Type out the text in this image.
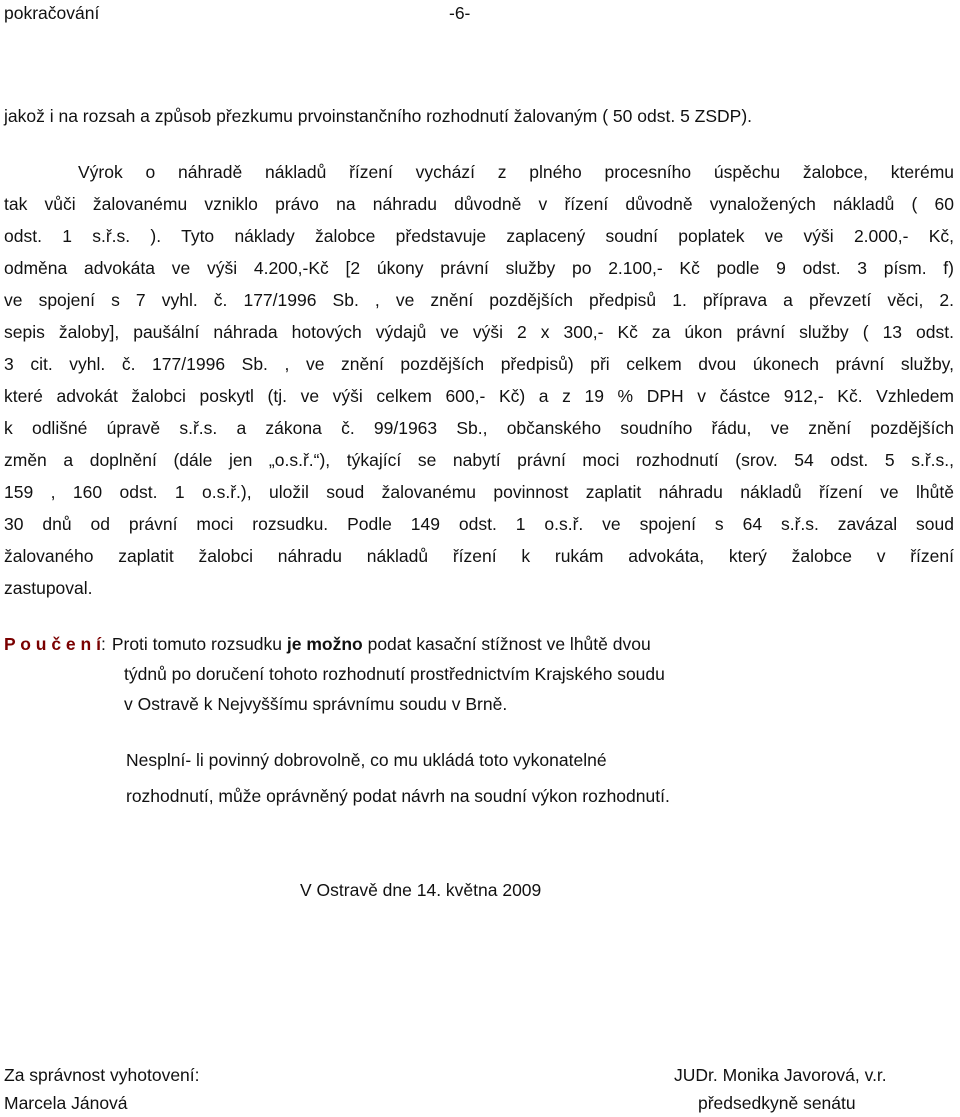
pokračování	-6-
jakož i na rozsah a způsob přezkumu prvoinstančního rozhodnutí žalovaným ( 50 odst. 5 ZSDP).
Výrok o náhradě nákladů řízení vychází z plného procesního úspěchu žalobce, kterému
tak vůči žalovanému vzniklo právo na náhradu důvodně v řízení důvodně vynaložených nákladů ( 60
odst. 1 s.ř.s. ). Tyto náklady žalobce představuje zaplacený soudní poplatek ve výši 2.000,- Kč,
odměna advokáta ve výši 4.200,-Kč [2 úkony právní služby po 2.100,- Kč podle 9 odst. 3 písm. f)
ve spojení s 7 vyhl. č. 177/1996 Sb. , ve znění pozdějších předpisů 1. příprava a převzetí věci, 2.
sepis žaloby], paušální náhrada hotových výdajů ve výši 2 x 300,- Kč za úkon právní služby ( 13 odst.
3 cit. vyhl. č. 177/1996 Sb. , ve znění pozdějších předpisů) při celkem dvou úkonech právní služby,
které advokát žalobci poskytl (tj. ve výši celkem 600,- Kč) a z 19 % DPH v částce 912,- Kč. Vzhledem
k odlišné úpravě s.ř.s. a zákona č. 99/1963 Sb., občanského soudního řádu, ve znění pozdějších
změn a doplnění (dále jen „o.s.ř.“), týkající se nabytí právní moci rozhodnutí (srov. 54 odst. 5 s.ř.s.,
159 , 160 odst. 1 o.s.ř.), uložil soud žalovanému povinnost zaplatit náhradu nákladů řízení ve lhůtě
30 dnů od právní moci rozsudku. Podle 149 odst. 1 o.s.ř. ve spojení s 64 s.ř.s. zavázal soud
žalovaného zaplatit žalobci náhradu nákladů řízení k rukám advokáta, který žalobce v řízení
zastupoval.
P o u č e n í: Proti tomuto rozsudku je možno podat kasační stížnost ve lhůtě dvou
týdnů po doručení tohoto rozhodnutí prostřednictvím Krajského soudu
v Ostravě k Nejvyššímu správnímu soudu v Brně.
Nesplní- li povinný dobrovolně, co mu ukládá toto vykonatelné
rozhodnutí, může oprávněný podat návrh na soudní výkon rozhodnutí.
V Ostravě dne 14. května 2009
Za správnost vyhotovení:
Marcela Jánová
JUDr. Monika Javorová, v.r.
předsedkyně senátu
